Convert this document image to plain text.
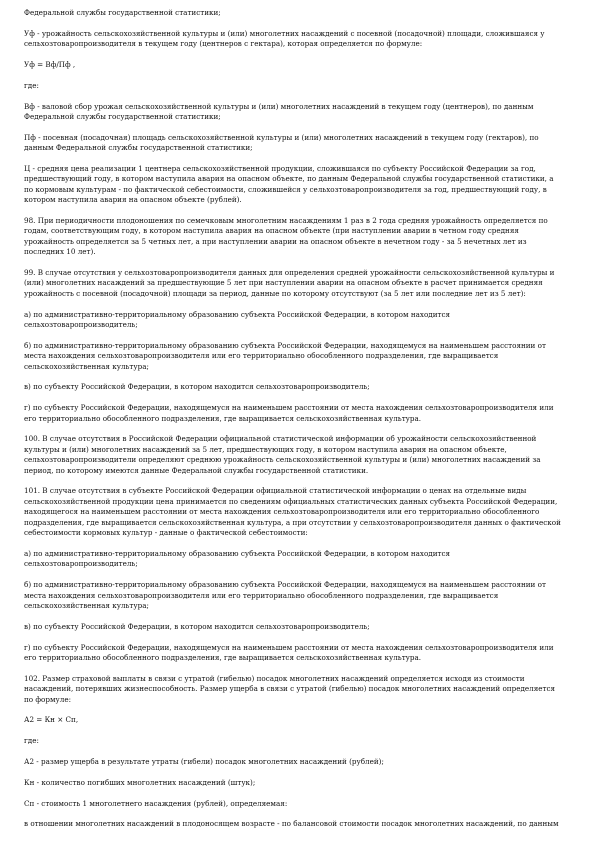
Федеральной службы государственной статистики;

Уф - урожайность сельскохозяйственной культуры и (или) многолетних насаждений с посевной (посадочной) площади, сложившаяся у
сельхозтоваропроизводителя в текущем году (центнеров с гектара), которая определяется по формуле:

Уф = Вф/Пф ,

где:

Вф - валовой сбор урожая сельскохозяйственной культуры и (или) многолетних насаждений в текущем году (центнеров), по данным
Федеральной службы государственной статистики;

Пф - посевная (посадочная) площадь сельскохозяйственной культуры и (или) многолетних насаждений в текущем году (гектаров), по
данным Федеральной службы государственной статистики;

Ц - средняя цена реализации 1 центнера сельскохозяйственной продукции, сложившаяся по субъекту Российской Федерации за год,
предшествующий году, в котором наступила авария на опасном объекте, по данным Федеральной службы государственной статистики, а
по кормовым культурам - по фактической себестоимости, сложившейся у сельхозтоваропроизводителя за год, предшествующий году, в
котором наступила авария на опасном объекте (рублей).

98. При периодичности плодоношения по семечковым многолетним насаждениям 1 раз в 2 года средняя урожайность определяется по
годам, соответствующим году, в котором наступила авария на опасном объекте (при наступлении аварии в четном году средняя
урожайность определяется за 5 четных лет, а при наступлении аварии на опасном объекте в нечетном году - за 5 нечетных лет из
последних 10 лет).

99. В случае отсутствия у сельхозтоваропроизводителя данных для определения средней урожайности сельскохозяйственной культуры и
(или) многолетних насаждений за предшествующие 5 лет при наступлении аварии на опасном объекте в расчет принимается средняя
урожайность с посевной (посадочной) площади за период, данные по которому отсутствуют (за 5 лет или последние лет из 5 лет):

а) по административно-территориальному образованию субъекта Российской Федерации, в котором находится
сельхозтоваропроизводитель;

б) по административно-территориальному образованию субъекта Российской Федерации, находящемуся на наименьшем расстоянии от
места нахождения сельхозтоваропроизводителя или его территориально обособленного подразделения, где выращивается
сельскохозяйственная культура;

в) по субъекту Российской Федерации, в котором находится сельхозтоваропроизводитель;

г) по субъекту Российской Федерации, находящемуся на наименьшем расстоянии от места нахождения сельхозтоваропроизводителя или
его территориально обособленного подразделения, где выращивается сельскохозяйственная культура.

100. В случае отсутствия в Российской Федерации официальной статистической информации об урожайности сельскохозяйственной
культуры и (или) многолетних насаждений за 5 лет, предшествующих году, в котором наступила авария на опасном объекте,
сельхозтоваропроизводители определяют среднюю урожайность сельскохозяйственной культуры и (или) многолетних насаждений за
период, по которому имеются данные Федеральной службы государственной статистики.

101. В случае отсутствия в субъекте Российской Федерации официальной статистической информации о ценах на отдельные виды
сельскохозяйственной продукции цена принимается по сведениям официальных статистических данных субъекта Российской Федерации,
находящегося на наименьшем расстоянии от места нахождения сельхозтоваропроизводителя или его территориально обособленного
подразделения, где выращивается сельскохозяйственная культура, а при отсутствии у сельхозтоваропроизводителя данных о фактической
себестоимости кормовых культур - данные о фактической себестоимости:

а) по административно-территориальному образованию субъекта Российской Федерации, в котором находится
сельхозтоваропроизводитель;

б) по административно-территориальному образованию субъекта Российской Федерации, находящемуся на наименьшем расстоянии от
места нахождения сельхозтоваропроизводителя или его территориально обособленного подразделения, где выращивается
сельскохозяйственная культура;

в) по субъекту Российской Федерации, в котором находится сельхозтоваропроизводитель;

г) по субъекту Российской Федерации, находящемуся на наименьшем расстоянии от места нахождения сельхозтоваропроизводителя или
его территориально обособленного подразделения, где выращивается сельскохозяйственная культура.

102. Размер страховой выплаты в связи с утратой (гибелью) посадок многолетних насаждений определяется исходя из стоимости
насаждений, потерявших жизнеспособность. Размер ущерба в связи с утратой (гибелью) посадок многолетних насаждений определяется
по формуле:

А2 = Кн × Сп,

где:

А2 - размер ущерба в результате утраты (гибели) посадок многолетних насаждений (рублей);

Кн - количество погибших многолетних насаждений (штук);

Сп - стоимость 1 многолетнего насаждения (рублей), определяемая:

в отношении многолетних насаждений в плодоносящем возрасте - по балансовой стоимости посадок многолетних насаждений, по данным
